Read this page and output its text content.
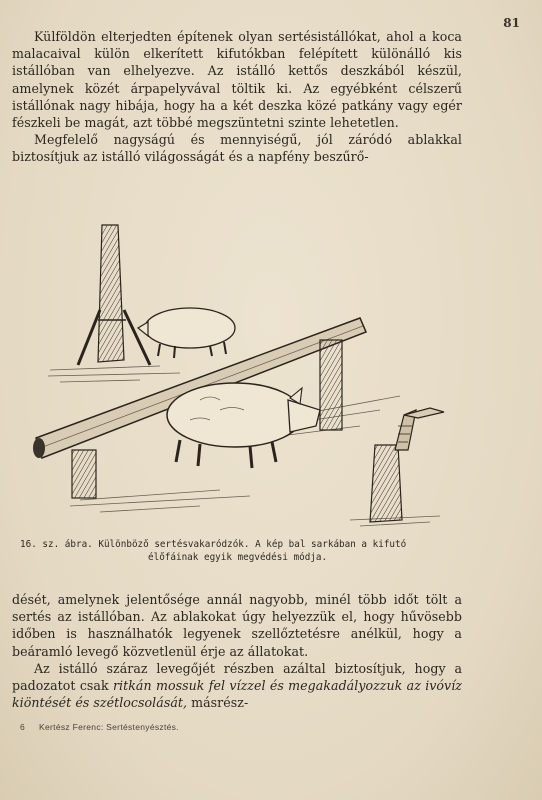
81

Külföldön elterjedten építenek olyan sertésistállókat, ahol a koca malacaival külön elkerített kifutókban felépített különálló kis istállóban van elhelyezve. Az istálló kettős deszkából készül, amelynek közét árpapelyvával töltik ki. Az egyébként célszerű istállónak nagy hibája, hogy ha a két deszka közé patkány vagy egér fészkeli be magát, azt többé megszüntetni szinte lehetetlen.

Megfelelő nagyságú és mennyiségű, jól záródó ablakkal biztosítjuk az istálló világosságát és a napfény beszűrő-

16. sz. ábra. Különböző sertésvakaródzók. A kép bal sarkában a kifutó
élőfáinak egyik megvédési módja.

dését, amelynek jelentősége annál nagyobb, minél több időt tölt a sertés az istállóban. Az ablakokat úgy helyezzük el, hogy hűvösebb időben is használhatók legyenek szellőztetésre anélkül, hogy a beáramló levegő közvetlenül érje az állatokat.

Az istálló száraz levegőjét részben azáltal biztosítjuk, hogy a padozatot csak ritkán mossuk fel vízzel és megakadályozzuk az ivóvíz kiöntését és szétlocsolását, másrész-

6 Kertész Ferenc: Sertéstenyésztés.
